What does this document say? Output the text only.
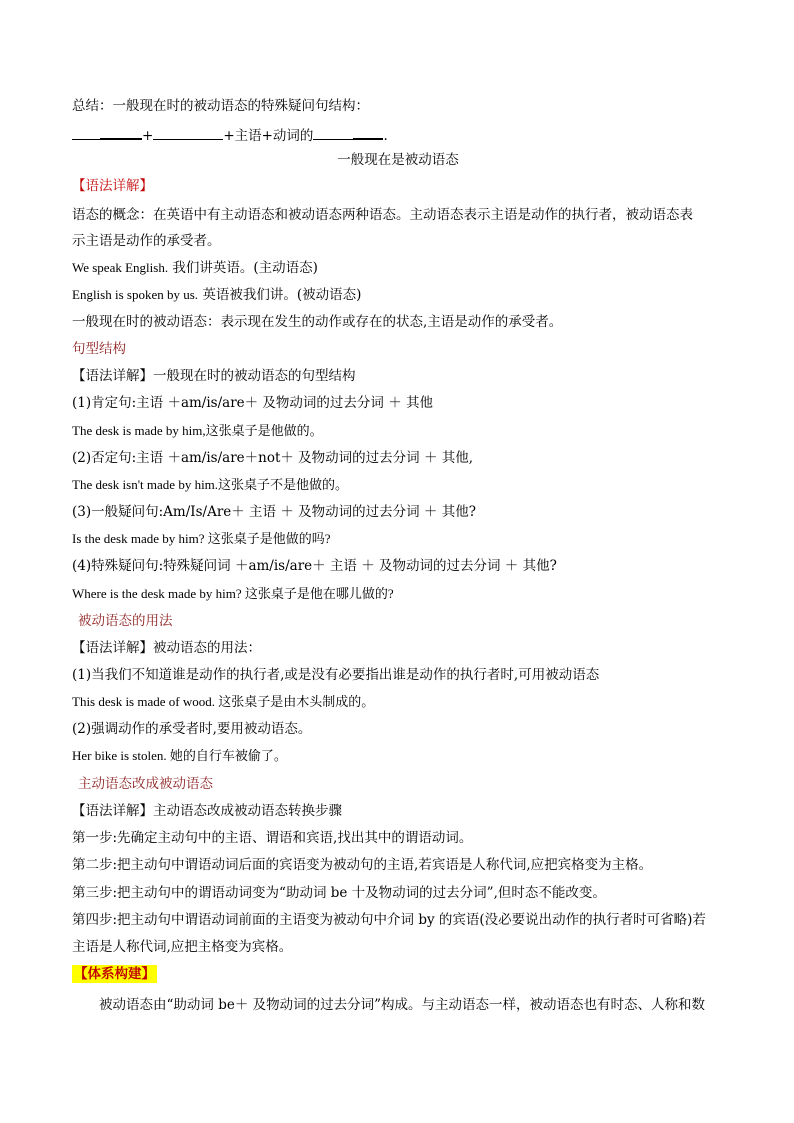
总结：一般现在时的被动语态的特殊疑问句结构：
+	+主语+动词的	.
一般现在是被动语态
【语法详解】
语态的概念：在英语中有主动语态和被动语态两种语态。主动语态表示主语是动作的执行者，被动语态表
示主语是动作的承受者。
We speak English. 我们讲英语。(主动语态)
English is spoken by us. 英语被我们讲。(被动语态)
一般现在时的被动语态：表示现在发生的动作或存在的状态,主语是动作的承受者。
句型结构
【语法详解】一般现在时的被动语态的句型结构
(1)肯定句:主语 ＋am/is/are＋ 及物动词的过去分词 ＋ 其他
The desk is made by him,这张桌子是他做的。
(2)否定句:主语 ＋am/is/are＋not＋ 及物动词的过去分词 ＋ 其他,
The desk isn't made by him.这张桌子不是他做的。
(3)一般疑问句:Am/Is/Are＋ 主语 ＋ 及物动词的过去分词 ＋ 其他?
Is the desk made by him? 这张桌子是他做的吗?
(4)特殊疑问句:特殊疑问词 ＋am/is/are＋ 主语 ＋ 及物动词的过去分词 ＋ 其他?
Where is the desk made by him? 这张桌子是他在哪儿做的?
被动语态的用法
【语法详解】被动语态的用法：
(1)当我们不知道谁是动作的执行者,或是没有必要指出谁是动作的执行者时,可用被动语态
This desk is made of wood. 这张桌子是由木头制成的。
(2)强调动作的承受者时,要用被动语态。
Her bike is stolen. 她的自行车被偷了。
主动语态改成被动语态
【语法详解】主动语态改成被动语态转换步骤
第一步:先确定主动句中的主语、谓语和宾语,找出其中的谓语动词。
第二步:把主动句中谓语动词后面的宾语变为被动句的主语,若宾语是人称代词,应把宾格变为主格。
第三步:把主动句中的谓语动词变为“助动词 be 十及物动词的过去分词”,但时态不能改变。
第四步:把主动句中谓语动词前面的主语变为被动句中介词 by 的宾语(没必要说出动作的执行者时可省略)若
主语是人称代词,应把主格变为宾格。
【体系构建】
被动语态由“助动词 be＋ 及物动词的过去分词”构成。与主动语态一样，被动语态也有时态、人称和数
